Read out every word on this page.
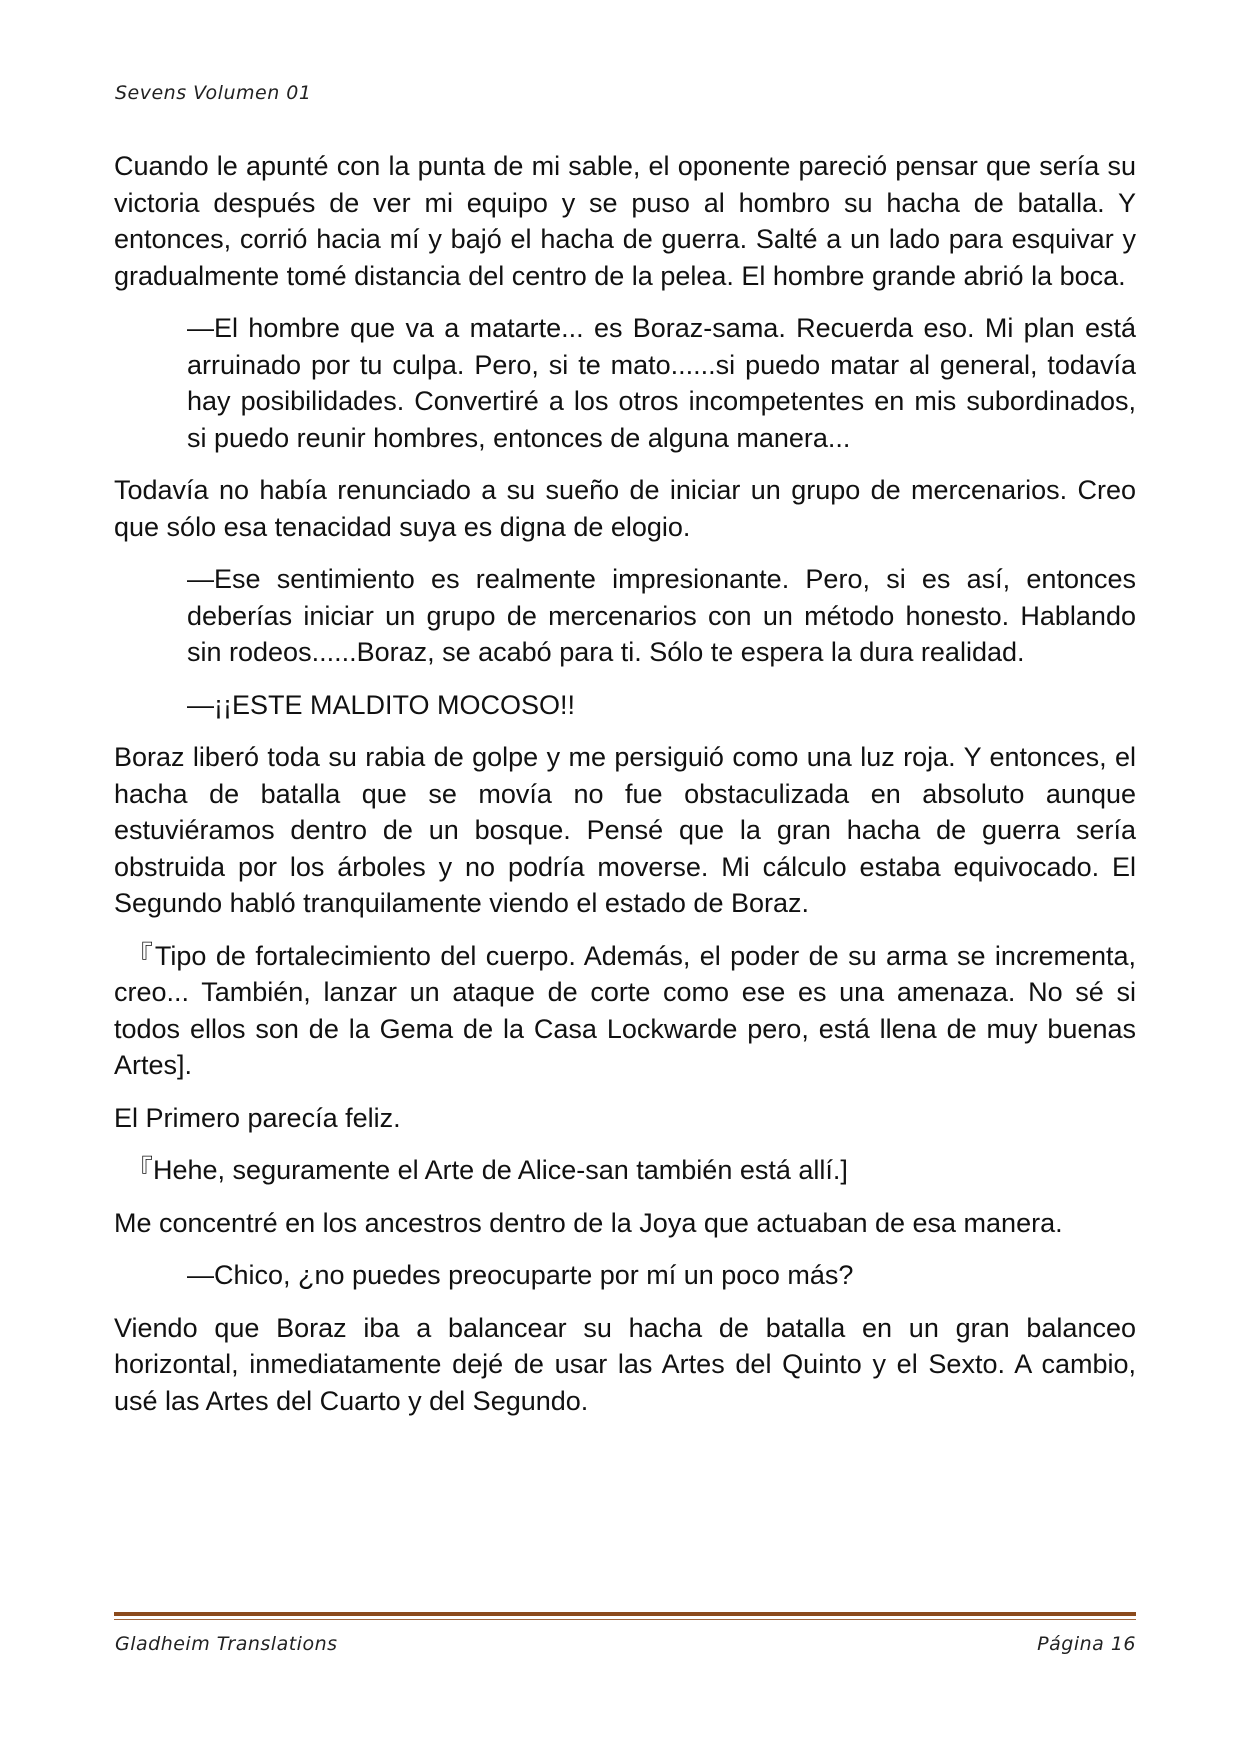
Sevens Volumen 01

Cuando le apunté con la punta de mi sable, el oponente pareció pensar que sería su victoria después de ver mi equipo y se puso al hombro su hacha de batalla. Y entonces, corrió hacia mí y bajó el hacha de guerra. Salté a un lado para esquivar y gradualmente tomé distancia del centro de la pelea. El hombre grande abrió la boca.

—El hombre que va a matarte... es Boraz-sama. Recuerda eso. Mi plan está arruinado por tu culpa. Pero, si te mato......si puedo matar al general, todavía hay posibilidades. Convertiré a los otros incompetentes en mis subordinados, si puedo reunir hombres, entonces de alguna manera...

Todavía no había renunciado a su sueño de iniciar un grupo de mercenarios. Creo que sólo esa tenacidad suya es digna de elogio.

—Ese sentimiento es realmente impresionante. Pero, si es así, entonces deberías iniciar un grupo de mercenarios con un método honesto. Hablando sin rodeos......Boraz, se acabó para ti. Sólo te espera la dura realidad.

—¡¡ESTE MALDITO MOCOSO!!

Boraz liberó toda su rabia de golpe y me persiguió como una luz roja. Y entonces, el hacha de batalla que se movía no fue obstaculizada en absoluto aunque estuviéramos dentro de un bosque. Pensé que la gran hacha de guerra sería obstruida por los árboles y no podría moverse. Mi cálculo estaba equivocado. El Segundo habló tranquilamente viendo el estado de Boraz.

『Tipo de fortalecimiento del cuerpo. Además, el poder de su arma se incrementa, creo... También, lanzar un ataque de corte como ese es una amenaza. No sé si todos ellos son de la Gema de la Casa Lockwarde pero, está llena de muy buenas Artes].

El Primero parecía feliz.

『Hehe, seguramente el Arte de Alice-san también está allí.]

Me concentré en los ancestros dentro de la Joya que actuaban de esa manera.

—Chico, ¿no puedes preocuparte por mí un poco más?

Viendo que Boraz iba a balancear su hacha de batalla en un gran balanceo horizontal, inmediatamente dejé de usar las Artes del Quinto y el Sexto. A cambio, usé las Artes del Cuarto y del Segundo.

Gladheim Translations	Página 16
